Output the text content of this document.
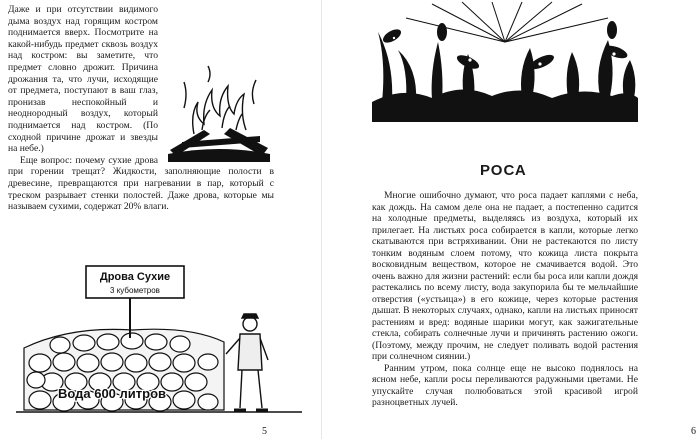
Даже и при отсутствии видимого дыма воздух над горящим костром поднимается вверх. Посмотрите на какой-нибудь предмет сквозь воздух над костром: вы заметите, что предмет словно дрожит. Причина дрожания та, что лучи, исходящие от предмета, поступают в ваш глаз, пронизав неспокойный и неоднородный воздух, который поднимается над костром. (По сходной причине дрожат и звезды на небе.)

Еще вопрос: почему сухие дрова при горении трещат? Жидкости, заполняющие полости в древесине, превращаются при нагревании в пар, который с треском разрывает стенки полостей. Даже дрова, которые мы называем сухими, содержат 20% влаги.

Дрова Сухие
3 кубометров
Вода 600 литров
5	6
РОСА

Многие ошибочно думают, что роса падает каплями с неба, как дождь. На самом деле она не падает, а постепенно садится на холодные предметы, выделяясь из воздуха, который их прилегает. На листьях роса собирается в капли, которые легко скатываются при встряхивании. Они не растекаются по листу тонким водяным слоем потому, что кожица листа покрыта восковидным веществом, которое не смачивается водой. Это очень важно для жизни растений: если бы роса или капли дождя растекались по всему листу, вода закупорила бы те мельчайшие отверстия («устьица») в его кожице, через которые растения дышат. В некоторых случаях, однако, капли на листьях приносят растениям и вред: водяные шарики могут, как зажигательные стекла, собирать солнечные лучи и причинять растению ожоги. (Поэтому, между прочим, не следует поливать водой растения при солнечном сиянии.)

Ранним утром, пока солнце еще не высоко поднялось на ясном небе, капли росы переливаются радужными цветами. Не упускайте случая полюбоваться этой красивой игрой разноцветных лучей.
